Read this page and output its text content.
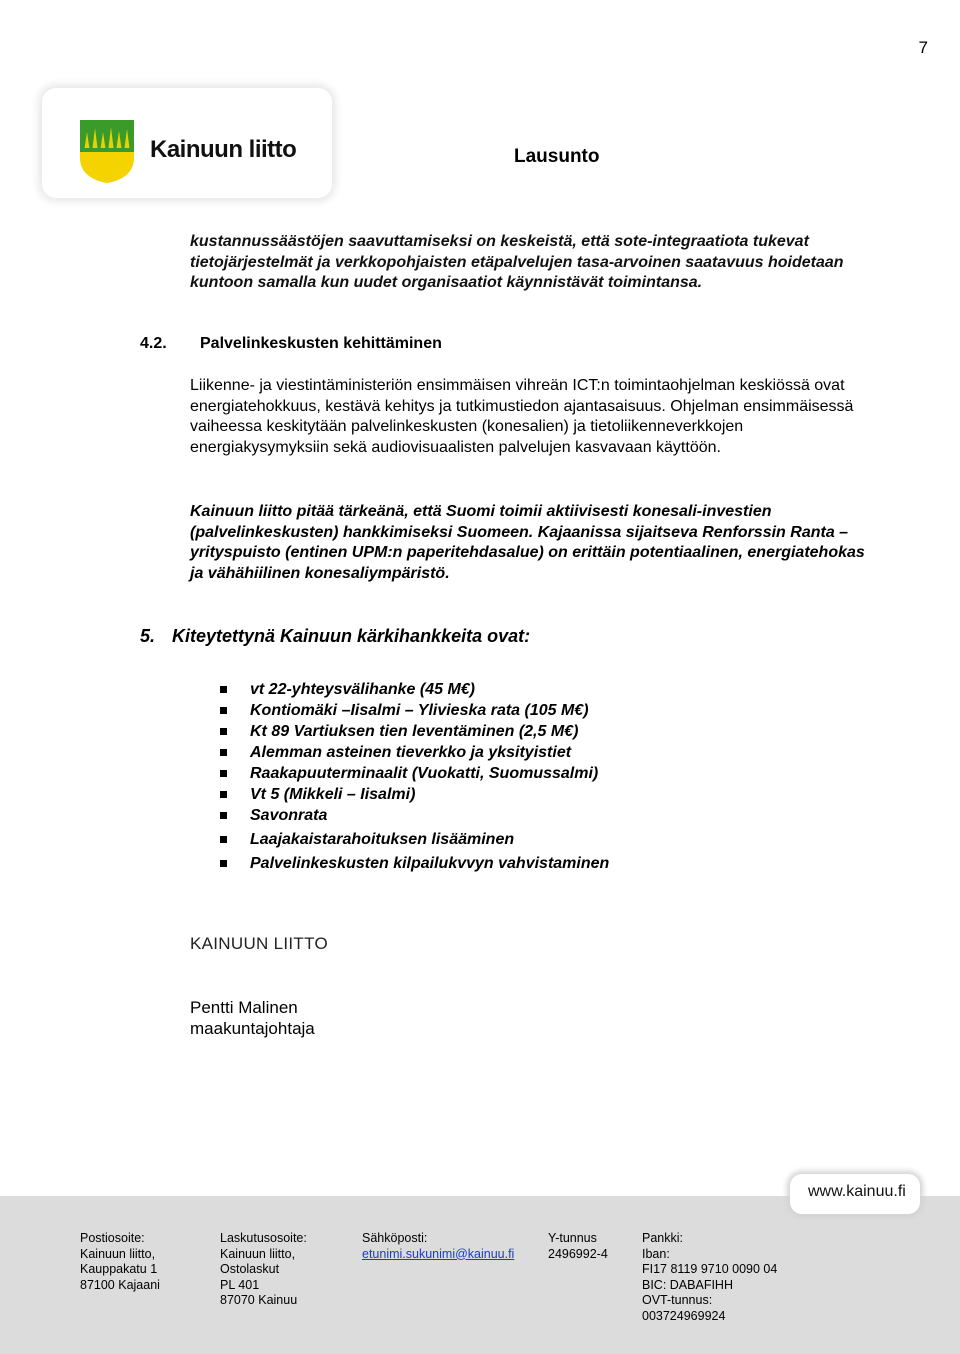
7
Kainuun liitto	Lausunto
kustannussäästöjen saavuttamiseksi on keskeistä, että sote-integraatiota tukevat tietojärjestelmät ja verkkopohjaisten etäpalvelujen tasa-arvoinen saatavuus hoidetaan kuntoon samalla kun uudet organisaatiot käynnistävät toimintansa.
4.2. Palvelinkeskusten kehittäminen
Liikenne- ja viestintäministeriön ensimmäisen vihreän ICT:n toimintaohjelman keskiössä ovat energiatehokkuus, kestävä kehitys ja tutkimustiedon ajantasaisuus. Ohjelman ensimmäisessä vaiheessa keskitytään palvelinkeskusten (konesalien) ja tietoliikenneverkkojen energiakysymyksiin sekä audiovisuaalisten palvelujen kasvavaan käyttöön.
Kainuun liitto pitää tärkeänä, että Suomi toimii aktiivisesti konesali-investien (palvelinkeskusten) hankkimiseksi Suomeen. Kajaanissa sijaitseva Renforssin Ranta –yrityspuisto (entinen UPM:n paperitehdasalue) on erittäin potentiaalinen, energiatehokas ja vähähiilinen konesaliympäristö.
5. Kiteytettynä Kainuun kärkihankkeita ovat:
vt 22-yhteysvälihanke (45 M€)
Kontiomäki –Iisalmi – Ylivieska rata (105 M€)
Kt 89 Vartiuksen tien leventäminen (2,5 M€)
Alemman asteinen tieverkko ja yksityistiet
Raakapuuterminaalit (Vuokatti, Suomussalmi)
Vt 5 (Mikkeli – Iisalmi)
Savonrata
Laajakaistarahoituksen lisääminen
Palvelinkeskusten kilpailukvvyn vahvistaminen
KAINUUN LIITTO
Pentti Malinen
maakuntajohtaja
www.kainuu.fi
Postiosoite:
Kainuun liitto,
Kauppakatu 1
87100 Kajaani
Laskutusosoite:
Kainuun liitto,
Ostolaskut
PL 401
87070 Kainuu
Sähköposti:
etunimi.sukunimi@kainuu.fi
Y-tunnus
2496992-4
Pankki:
Iban:
FI17 8119 9710 0090 04
BIC: DABAFIHH
OVT-tunnus:
003724969924
